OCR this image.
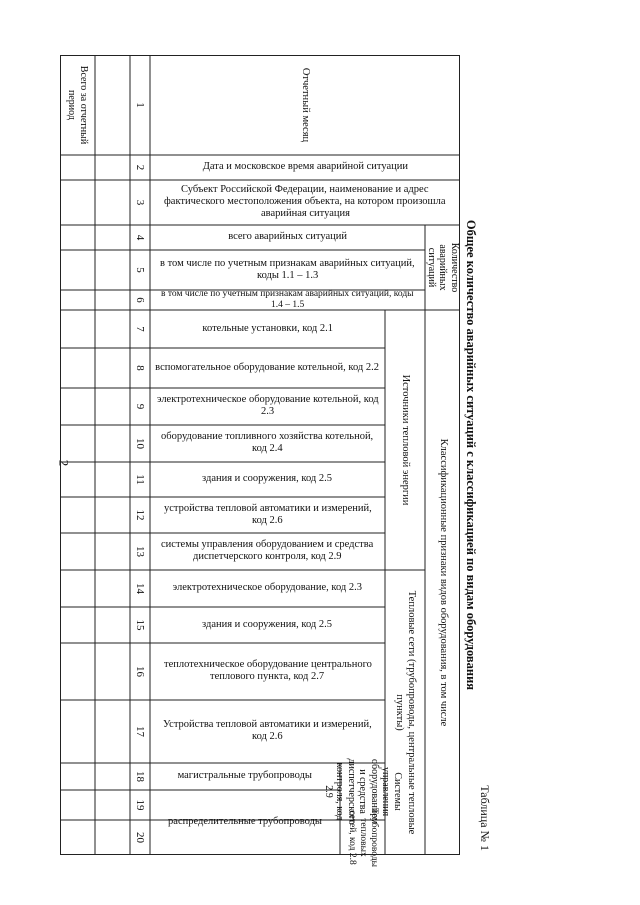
2
Таблица № 1
Общее количество аварийных ситуаций с классификацией по видам оборудования
Отчетный месяц
Дата и московское время аварийной ситуации
Субъект Российской Федерации, наименование и адрес фактического местоположения объекта, на котором произошла аварийная ситуация
Количество аварийных ситуаций
всего аварийных ситуаций
в том числе по учетным признакам аварийных ситуаций, коды 1.1 – 1.3
в том числе по учетным признакам аварийных ситуаций, коды 1.4 – 1.5
Классификационные признаки видов оборудования, в том числе
Источники тепловой энергии
котельные установки, код 2.1
вспомогательное оборудование котельной, код 2.2
электротехническое оборудование котельной, код 2.3
оборудование топливного хозяйства котельной, код 2.4
здания и сооружения, код 2.5
устройства тепловой автоматики и измерений, код 2.6
системы управления оборудованием и средства диспетчерского контроля, код 2.9
Тепловые сети (трубопроводы, центральные тепловые пункты)
электротехническое оборудование, код 2.3
здания и сооружения, код 2.5
теплотехническое оборудование центрального теплового пункта, код 2.7
Устройства тепловой автоматики и измерений, код 2.6
Системы управления оборудованием и средства диспетчерского контроля, код 2.9
Трубопроводы тепловых сетей, код 2.8
магистральные трубопроводы
распределительные трубопроводы
1
2
3
4
5
6
7
8
9
10
11
12
13
14
15
16
17
18
19
20
Всего за отчетный период
